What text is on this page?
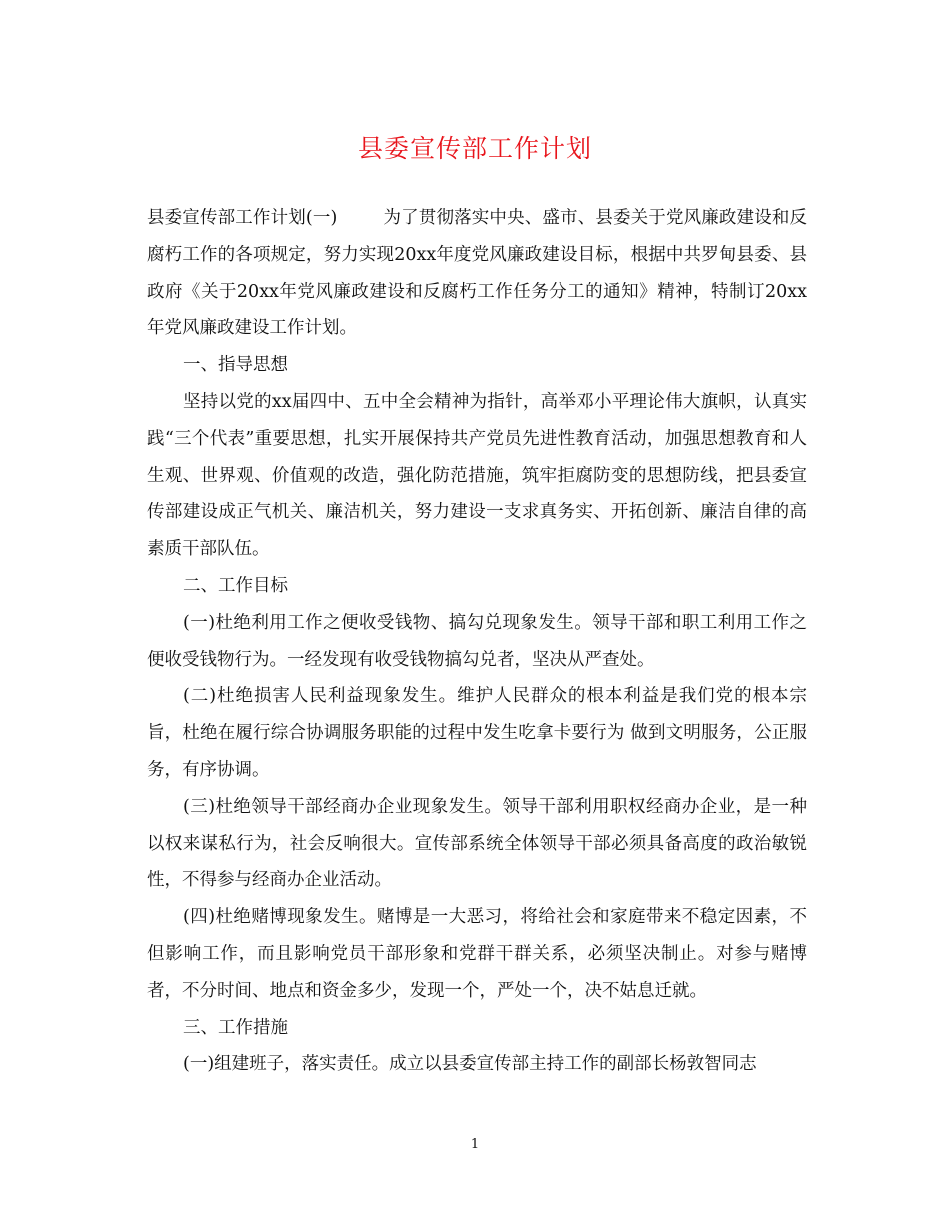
县委宣传部工作计划

县委宣传部工作计划(一)	为了贯彻落实中央、盛市、县委关于党风廉政建设和反腐朽工作的各项规定，努力实现20xx年度党风廉政建设目标，根据中共罗甸县委、县政府《关于20xx年党风廉政建设和反腐朽工作任务分工的通知》精神，特制订20xx年党风廉政建设工作计划。

一、指导思想

坚持以党的xx届四中、五中全会精神为指针，高举邓小平理论伟大旗帜，认真实践“三个代表”重要思想，扎实开展保持共产党员先进性教育活动，加强思想教育和人生观、世界观、价值观的改造，强化防范措施，筑牢拒腐防变的思想防线，把县委宣传部建设成正气机关、廉洁机关，努力建设一支求真务实、开拓创新、廉洁自律的高素质干部队伍。

二、工作目标

(一)杜绝利用工作之便收受钱物、搞勾兑现象发生。领导干部和职工利用工作之便收受钱物行为。一经发现有收受钱物搞勾兑者，坚决从严查处。

(二)杜绝损害人民利益现象发生。维护人民群众的根本利益是我们党的根本宗旨，杜绝在履行综合协调服务职能的过程中发生吃拿卡要行为 做到文明服务，公正服务，有序协调。

(三)杜绝领导干部经商办企业现象发生。领导干部利用职权经商办企业，是一种以权来谋私行为，社会反响很大。宣传部系统全体领导干部必须具备高度的政治敏锐性，不得参与经商办企业活动。

(四)杜绝赌博现象发生。赌博是一大恶习，将给社会和家庭带来不稳定因素，不但影响工作，而且影响党员干部形象和党群干群关系，必须坚决制止。对参与赌博者，不分时间、地点和资金多少，发现一个，严处一个，决不姑息迁就。

三、工作措施

(一)组建班子，落实责任。成立以县委宣传部主持工作的副部长杨敦智同志

1
